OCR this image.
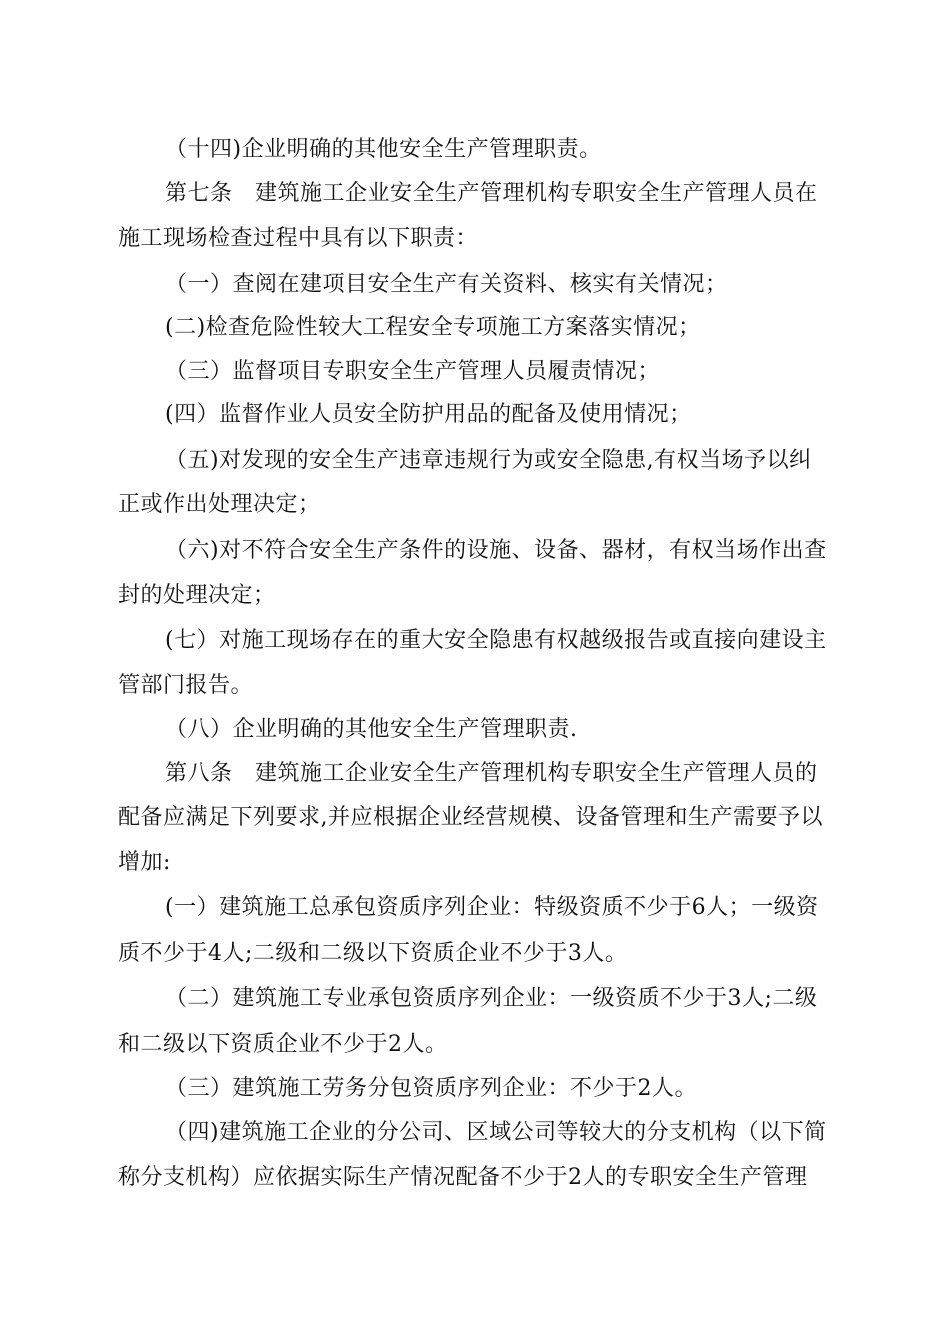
（十四)企业明确的其他安全生产管理职责。
第七条　建筑施工企业安全生产管理机构专职安全生产管理人员在
施工现场检查过程中具有以下职责：
（一）查阅在建项目安全生产有关资料、核实有关情况；
(二)检查危险性较大工程安全专项施工方案落实情况；
（三）监督项目专职安全生产管理人员履责情况；
(四）监督作业人员安全防护用品的配备及使用情况；
（五)对发现的安全生产违章违规行为或安全隐患,有权当场予以纠
正或作出处理决定；
（六)对不符合安全生产条件的设施、设备、器材，有权当场作出查
封的处理决定；
(七）对施工现场存在的重大安全隐患有权越级报告或直接向建设主
管部门报告。
（八）企业明确的其他安全生产管理职责.
第八条　建筑施工企业安全生产管理机构专职安全生产管理人员的
配备应满足下列要求,并应根据企业经营规模、设备管理和生产需要予以
增加:
(一）建筑施工总承包资质序列企业：特级资质不少于6人；一级资
质不少于4人;二级和二级以下资质企业不少于3人。
（二）建筑施工专业承包资质序列企业：一级资质不少于3人;二级
和二级以下资质企业不少于2人。
（三）建筑施工劳务分包资质序列企业：不少于2人。
（四)建筑施工企业的分公司、区域公司等较大的分支机构（以下简
称分支机构）应依据实际生产情况配备不少于2人的专职安全生产管理
